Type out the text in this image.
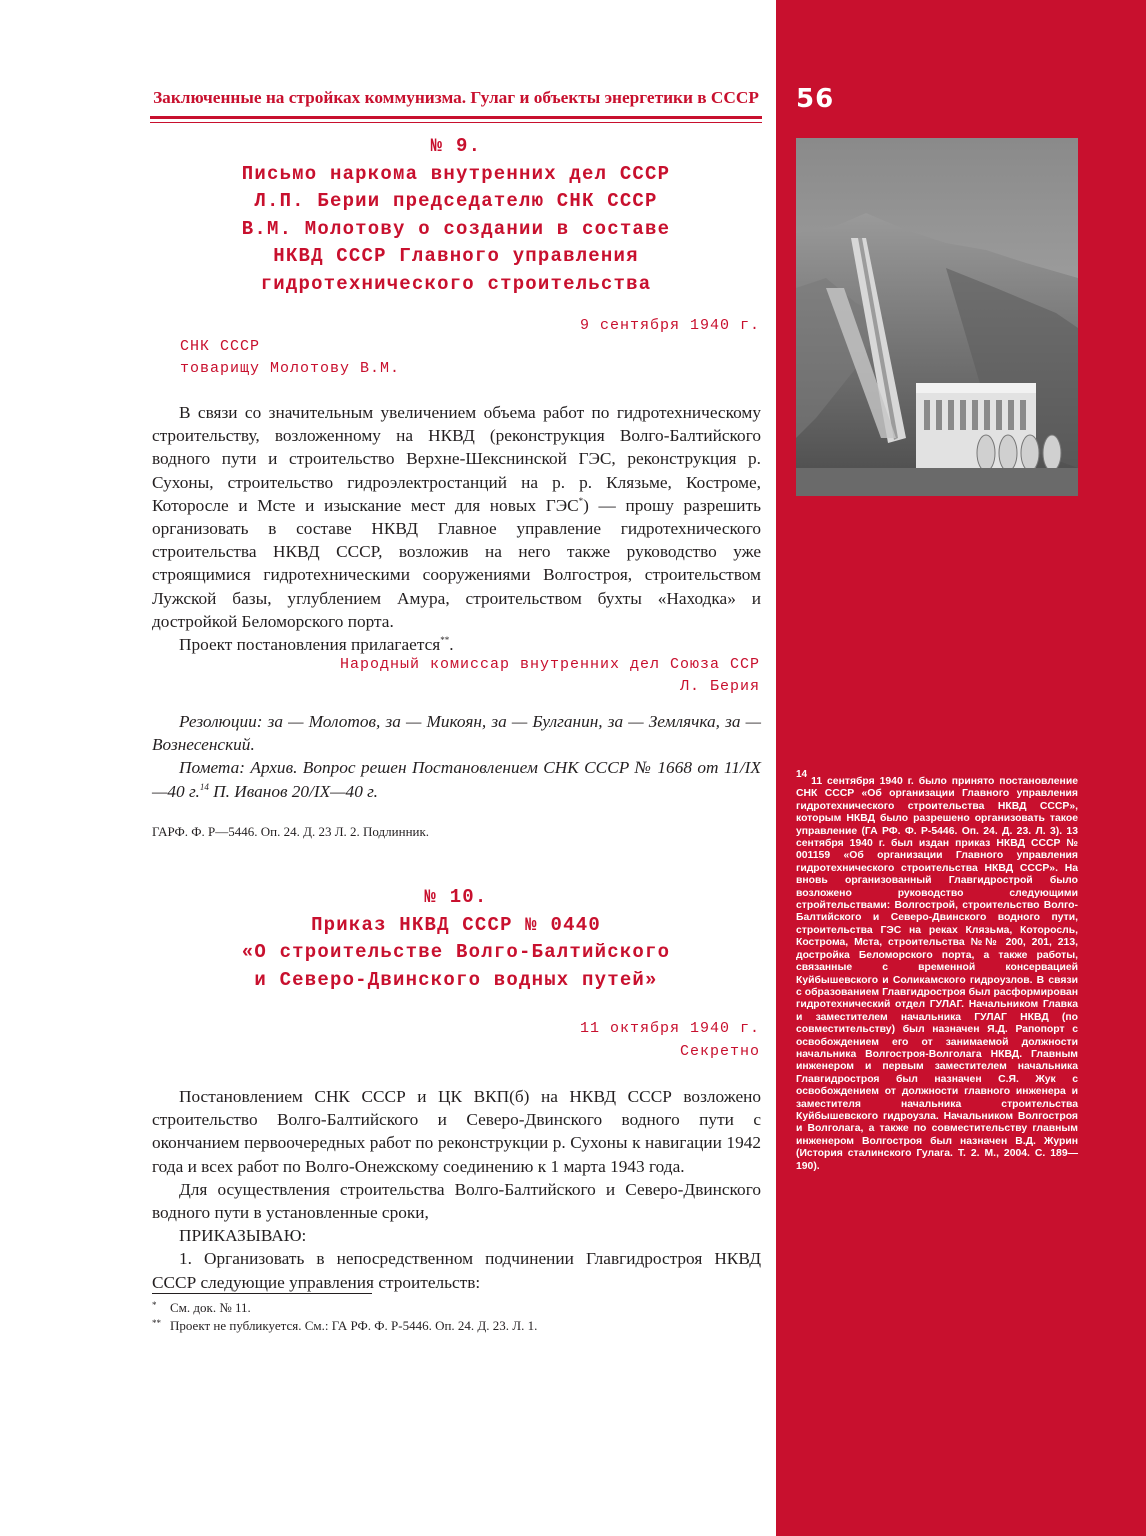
56
$^{14}$11 сентября 1940 г. было принято постановление СНК СССР «Об организации Главного управления гидротехнического строительства НКВД СССР», которым НКВД было разрешено организовать такое управление (ГА РФ. Ф. Р-5446. Оп. 24. Д. 23. Л. 3). 13 сентября 1940 г. был издан приказ НКВД СССР № 001159 «Об организации Главного управления гидротехнического строительства НКВД СССР». На вновь организованный Главгидрострой было возложено руководство следующими стройтельствами: Волгострой, строительство Волго-Балтийского и Северо-Двинского водного пути, строительства ГЭС на реках Клязьма, Которосль, Кострома, Мста, строительства №№ 200, 201, 213, достройка Беломорского порта, а также работы, связанные с временной консервацией Куйбышевского и Соликамского гидроузлов. В связи с образованием Главгидростроя был расформирован гидротехнический отдел ГУЛАГ. Начальником Главка и заместителем начальника ГУЛАГ НКВД (по совместительству) был назначен Я.Д. Рапопорт с освобождением его от занимаемой должности начальника Волгостроя-Волголага НКВД. Главным инженером и первым заместителем начальника Главгидростроя был назначен С.Я. Жук с освобождением от должности главного инженера и заместителя начальника строительства Куйбышевского гидроузла. Начальником Волгостроя и Волголага, а также по совместительству главным инженером Волгостроя был назначен В.Д. Журин (История сталинского Гулага. Т. 2. М., 2004. С. 189—190).
Заключенные на стройках коммунизма. Гулаг и объекты энергетики в СССР
№ 9.
Письмо наркома внутренних дел СССР
Л.П. Берии председателю СНК СССР
В.М. Молотову о создании в составе
НКВД СССР Главного управления
гидротехнического строительства
9 сентября 1940 г.
СНК СССР
товарищу Молотову В.М.

В связи со значительным увеличением объема работ по гидротехническому строительству, возложенному на НКВД (реконструкция Волго-Балтийского водного пути и строительство Верхне-Шекснинской ГЭС, реконструкция р. Сухоны, строительство гидроэлектростанций на р. р. Клязьме, Костроме, Которосле и Мсте и изыскание мест для новых ГЭС*) — прошу разрешить организовать в составе НКВД Главное управление гидротехнического строительства НКВД СССР, возложив на него также руководство уже строящимися гидротехническими сооружениями Волгостроя, строительством Лужской базы, углублением Амура, строительством бухты «Находка» и достройкой Беломорского порта.

Проект постановления прилагается**.

Народный комиссар внутренних дел Союза ССР
Л. Берия

Резолюции: за — Молотов, за — Микоян, за — Булганин, за — Землячка, за — Вознесенский.

Помета: Архив. Вопрос решен Постановлением СНК СССР № 1668 от 11/IX—40 г.$^{14}$ П. Иванов 20/IX—40 г.

ГАРФ. Ф. Р—5446. Оп. 24. Д. 23 Л. 2. Подлинник.
№ 10.
Приказ НКВД СССР № 0440
«О строительстве Волго-Балтийского
и Северо-Двинского водных путей»
11 октября 1940 г.
Секретно

Постановлением СНК СССР и ЦК ВКП(б) на НКВД СССР возложено строительство Волго-Балтийского и Северо-Двинского водного пути с окончанием первоочередных работ по реконструкции р. Сухоны к навигации 1942 года и всех работ по Волго-Онежскому соединению к 1 марта 1943 года.

Для осуществления строительства Волго-Балтийского и Северо-Двинского водного пути в установленные сроки,

ПРИКАЗЫВАЮ:

1. Организовать в непосредственном подчинении Главгидростроя НКВД СССР следующие управления строительств:

* См. док. № 11.
** Проект не публикуется. См.: ГА РФ. Ф. Р-5446. Оп. 24. Д. 23. Л. 1.
